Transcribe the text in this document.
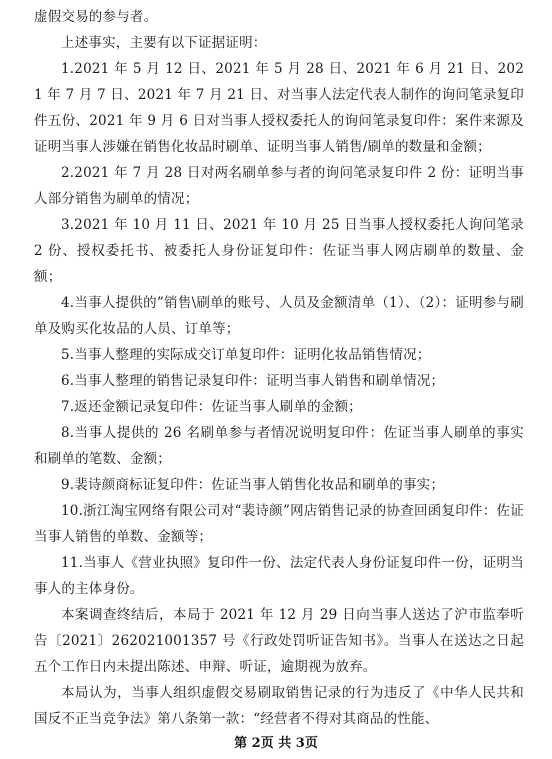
虚假交易的参与者。

上述事实，主要有以下证据证明：

1.2021 年 5 月 12 日、2021 年 5 月 28 日、2021 年 6 月 21 日、2021 年 7 月 7 日、2021 年 7 月 21 日、对当事人法定代表人制作的询问笔录复印件五份、2021 年 9 月 6 日对当事人授权委托人的询问笔录复印件：案件来源及证明当事人涉嫌在销售化妆品时刷单、证明当事人销售/刷单的数量和金额；

2.2021 年 7 月 28 日对两名刷单参与者的询问笔录复印件 2 份：证明当事人部分销售为刷单的情况；

3.2021 年 10 月 11 日、2021 年 10 月 25 日当事人授权委托人询问笔录 2 份、授权委托书、被委托人身份证复印件：佐证当事人网店刷单的数量、金额；

4.当事人提供的”销售\刷单的账号、人员及金额清单（1）、（2）：证明参与刷单及购买化妆品的人员、订单等；

5.当事人整理的实际成交订单复印件：证明化妆品销售情况；

6.当事人整理的销售记录复印件：证明当事人销售和刷单情况；

7.返还金额记录复印件：佐证当事人刷单的金额；

8.当事人提供的 26 名刷单参与者情况说明复印件：佐证当事人刷单的事实和刷单的笔数、金额；

9.裴诗颜商标证复印件：佐证当事人销售化妆品和刷单的事实；

10.浙江淘宝网络有限公司对“裴诗颜”网店销售记录的协查回函复印件：佐证当事人销售的单数、金额等；

11.当事人《营业执照》复印件一份、法定代表人身份证复印件一份，证明当事人的主体身份。

本案调查终结后，本局于 2021 年 12 月 29 日向当事人送达了沪市监奉听告〔2021〕262021001357 号《行政处罚听证告知书》。当事人在送达之日起五个工作日内未提出陈述、申辩、听证，逾期视为放弃。

本局认为，当事人组织虚假交易刷取销售记录的行为违反了《中华人民共和国反不正当竞争法》第八条第一款：“经营者不得对其商品的性能、

第 2页 共 3页
